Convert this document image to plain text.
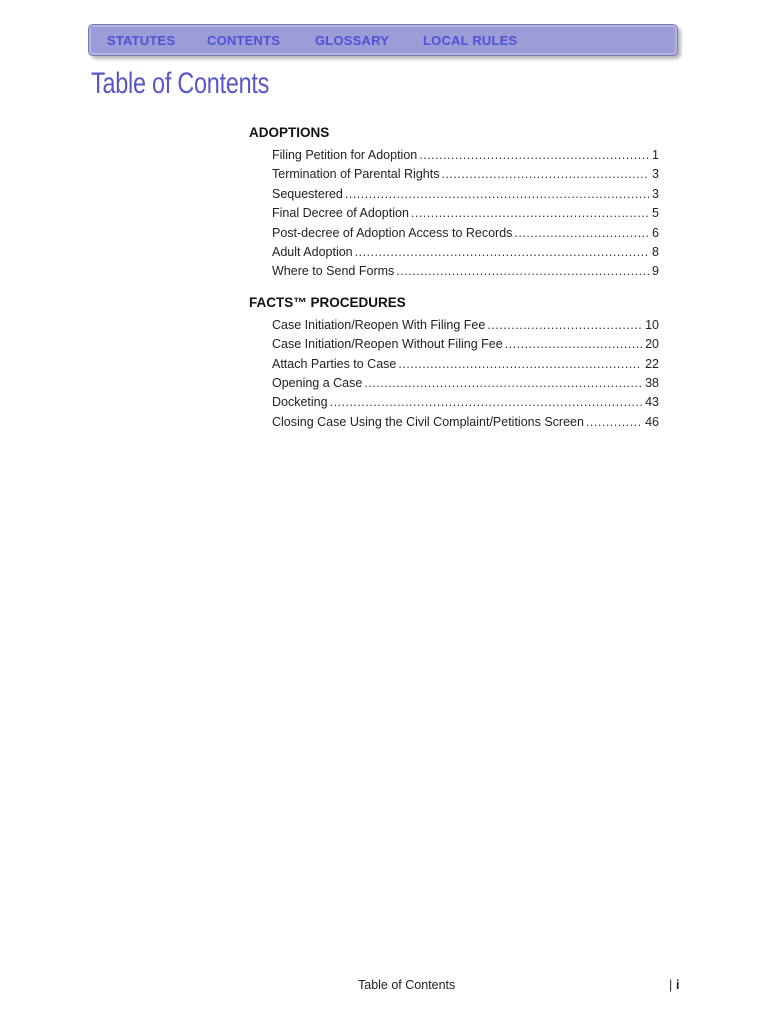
STATUTES CONTENTS	GLOSSARY	LOCAL RULES
Table of Contents
ADOPTIONS
Filing Petition for Adoption .....	1
Termination of Parental Rights .....	3
Sequestered .....	3
Final Decree of Adoption .....	5
Post-decree of Adoption Access to Records .....	6
Adult Adoption .....	8
Where to Send Forms .....	9
FACTS™ PROCEDURES
Case Initiation/Reopen With Filing Fee .....	10
Case Initiation/Reopen Without Filing Fee .....	20
Attach Parties to Case .....	22
Opening a Case .....	38
Docketing .....	43
Closing Case Using the Civil Complaint/Petitions Screen .....	46
Table of Contents	| i
